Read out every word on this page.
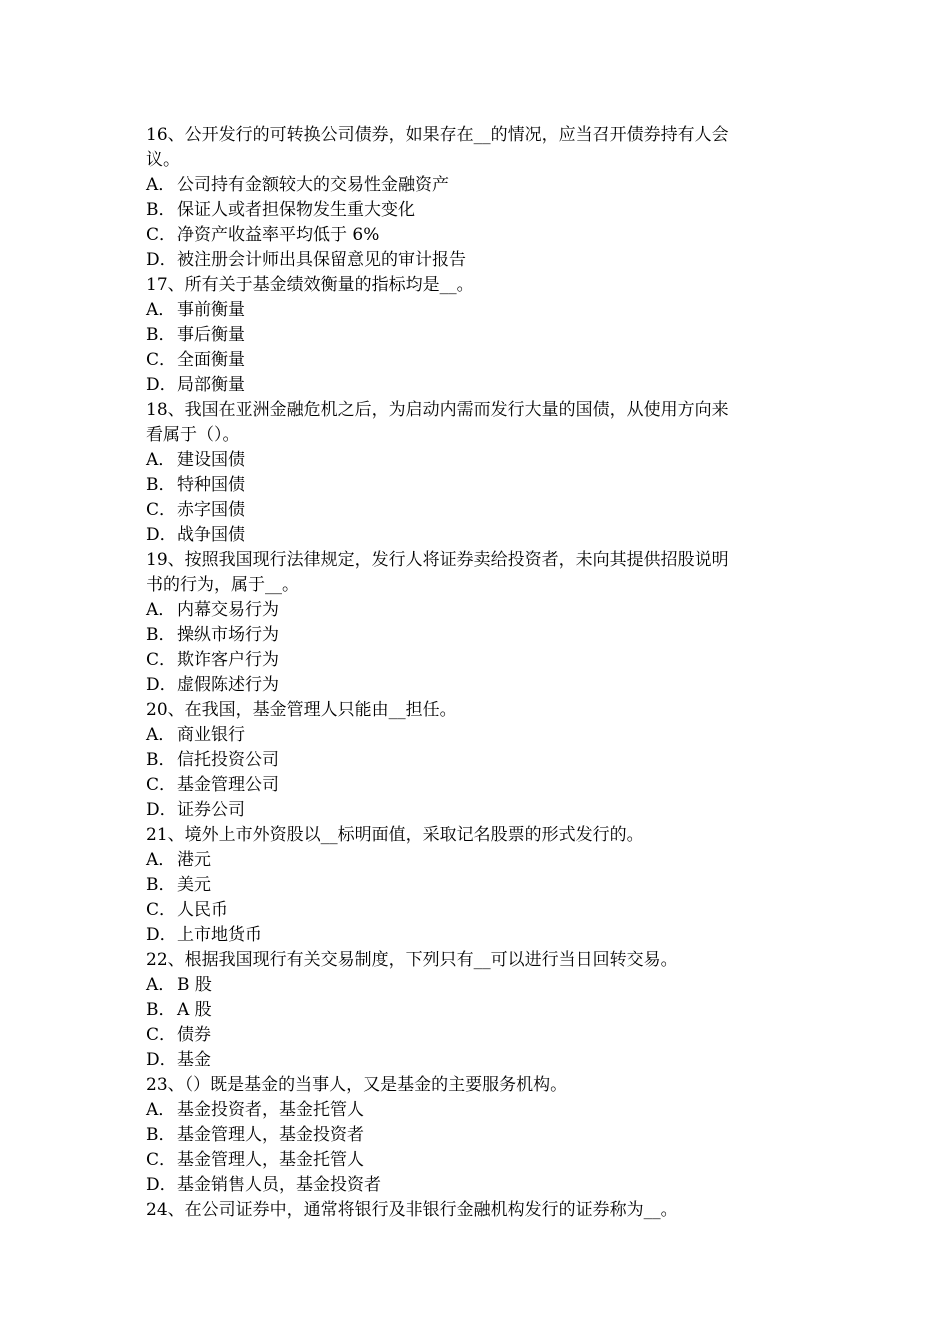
16、公开发行的可转换公司债券，如果存在__的情况，应当召开债券持有人会
议。
A． 公司持有金额较大的交易性金融资产
B．保证人或者担保物发生重大变化
C．净资产收益率平均低于 6%
D．被注册会计师出具保留意见的审计报告
17、所有关于基金绩效衡量的指标均是__。
A． 事前衡量
B．事后衡量
C．全面衡量
D．局部衡量
18、我国在亚洲金融危机之后，为启动内需而发行大量的国债，从使用方向来
看属于（）。
A． 建设国债
B．特种国债
C．赤字国债
D．战争国债
19、按照我国现行法律规定，发行人将证券卖给投资者，未向其提供招股说明
书的行为，属于__。
A． 内幕交易行为
B．操纵市场行为
C．欺诈客户行为
D．虚假陈述行为
20、在我国，基金管理人只能由__担任。
A． 商业银行
B．信托投资公司
C．基金管理公司
D．证券公司
21、境外上市外资股以__标明面值，采取记名股票的形式发行的。
A． 港元
B．美元
C．人民币
D．上市地货币
22、根据我国现行有关交易制度，下列只有__可以进行当日回转交易。
A． B 股
B．A 股
C．债券
D．基金
23、（）既是基金的当事人，又是基金的主要服务机构。
A． 基金投资者，基金托管人
B．基金管理人，基金投资者
C．基金管理人，基金托管人
D．基金销售人员，基金投资者
24、在公司证券中，通常将银行及非银行金融机构发行的证券称为__。
